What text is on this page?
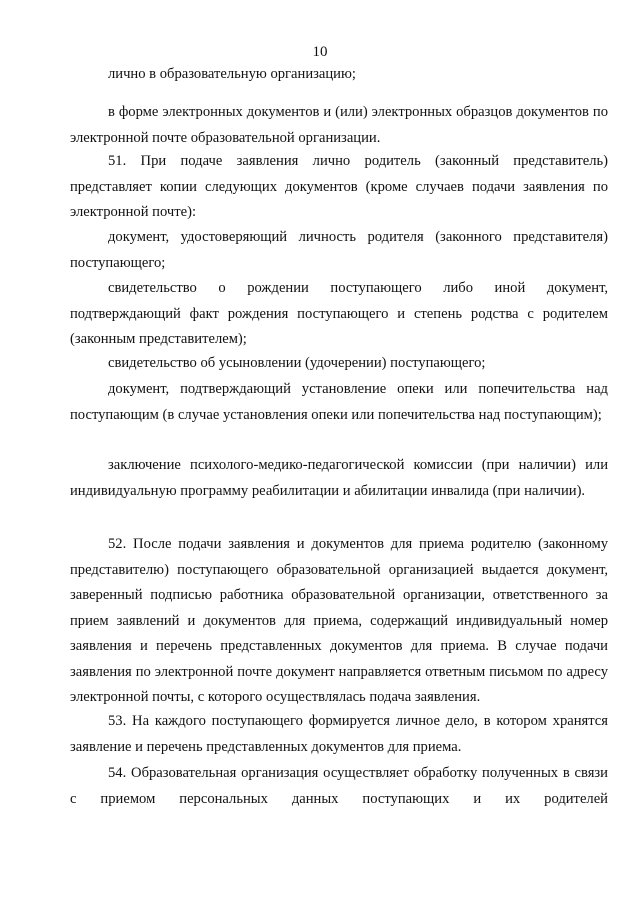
10

лично в образовательную организацию;

в форме электронных документов и (или) электронных образцов документов по электронной почте образовательной организации.

51. При подаче заявления лично родитель (законный представитель) представляет копии следующих документов (кроме случаев подачи заявления по электронной почте):

документ, удостоверяющий личность родителя (законного представителя) поступающего;

свидетельство о рождении поступающего либо иной документ, подтверждающий факт рождения поступающего и степень родства с родителем (законным представителем);

свидетельство об усыновлении (удочерении) поступающего;

документ, подтверждающий установление опеки или попечительства над поступающим (в случае установления опеки или попечительства над поступающим);

заключение психолого-медико-педагогической комиссии (при наличии) или индивидуальную программу реабилитации и абилитации инвалида (при наличии).

52. После подачи заявления и документов для приема родителю (законному представителю) поступающего образовательной организацией выдается документ, заверенный подписью работника образовательной организации, ответственного за прием заявлений и документов для приема, содержащий индивидуальный номер заявления и перечень представленных документов для приема. В случае подачи заявления по электронной почте документ направляется ответным письмом по адресу электронной почты, с которого осуществлялась подача заявления.

53. На каждого поступающего формируется личное дело, в котором хранятся заявление и перечень представленных документов для приема.

54. Образовательная организация осуществляет обработку полученных в связи с приемом персональных данных поступающих и их родителей
